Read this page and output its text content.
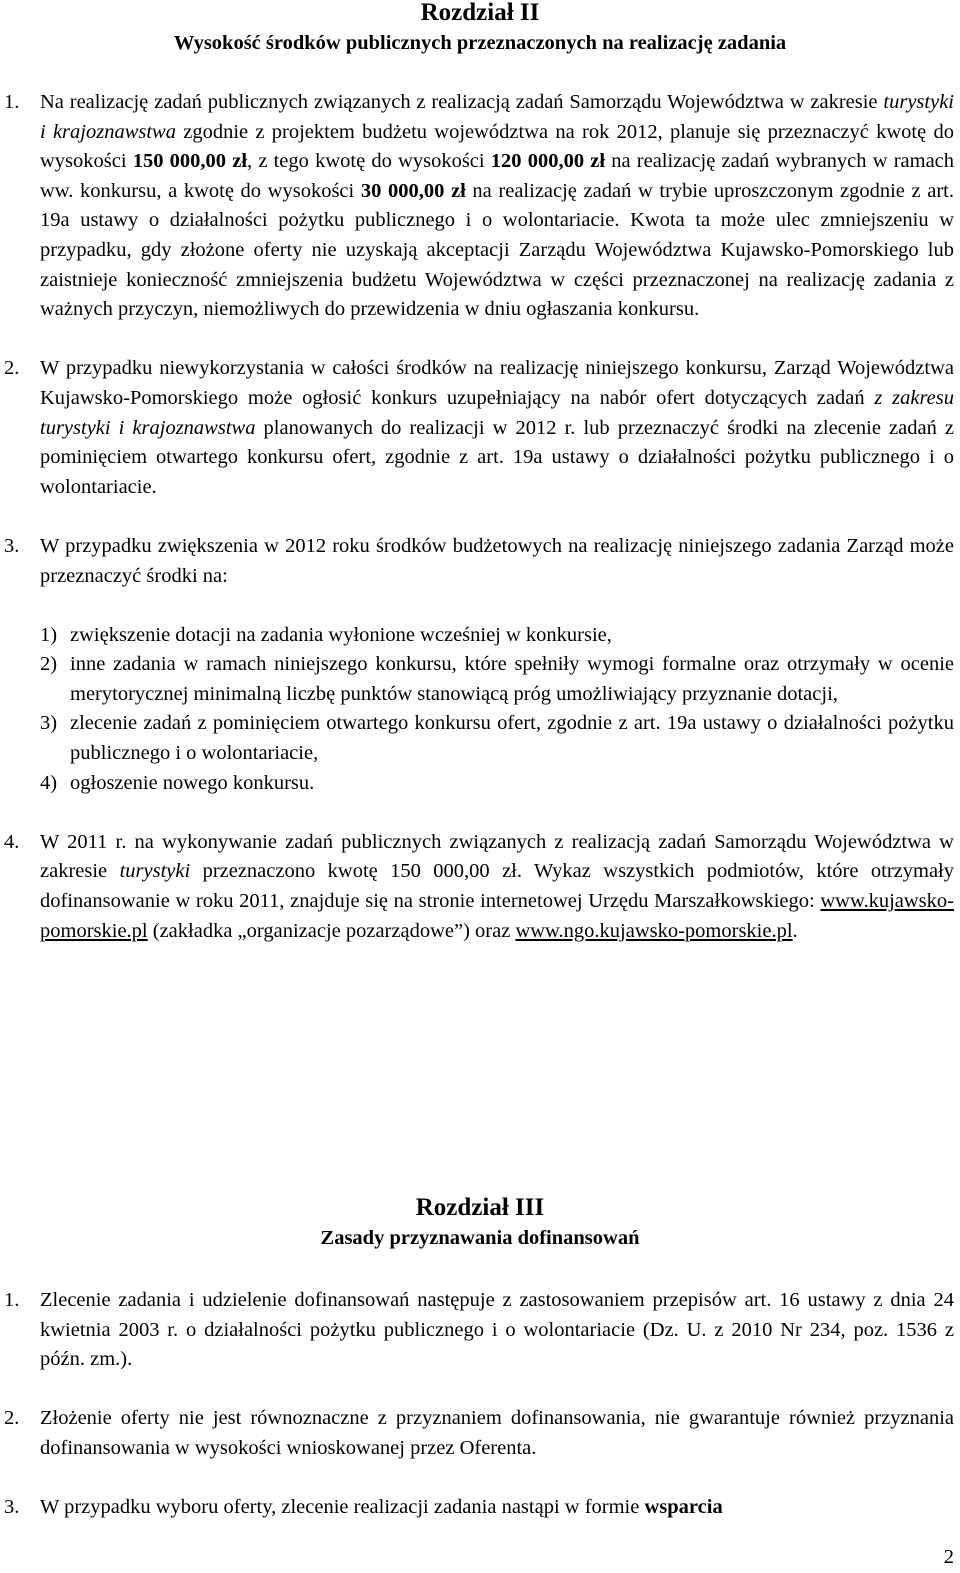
Rozdział II
Wysokość środków publicznych przeznaczonych na realizację zadania
1.	Na realizację zadań publicznych związanych z realizacją zadań Samorządu Województwa w zakresie turystyki i krajoznawstwa zgodnie z projektem budżetu województwa na rok 2012, planuje się przeznaczyć kwotę do wysokości 150 000,00 zł, z tego kwotę do wysokości 120 000,00 zł na realizację zadań wybranych w ramach ww. konkursu, a kwotę do wysokości 30 000,00 zł na realizację zadań w trybie uproszczonym zgodnie z art. 19a ustawy o działalności pożytku publicznego i o wolontariacie. Kwota ta może ulec zmniejszeniu w przypadku, gdy złożone oferty nie uzyskają akceptacji Zarządu Województwa Kujawsko-Pomorskiego lub zaistnieje konieczność zmniejszenia budżetu Województwa w części przeznaczonej na realizację zadania z ważnych przyczyn, niemożliwych do przewidzenia w dniu ogłaszania konkursu.
2.	W przypadku niewykorzystania w całości środków na realizację niniejszego konkursu, Zarząd Województwa Kujawsko-Pomorskiego może ogłosić konkurs uzupełniający na nabór ofert dotyczących zadań z zakresu turystyki i krajoznawstwa planowanych do realizacji w 2012 r. lub przeznaczyć środki na zlecenie zadań z pominięciem otwartego konkursu ofert, zgodnie z art. 19a ustawy o działalności pożytku publicznego i o wolontariacie.
3.	W przypadku zwiększenia w 2012 roku środków budżetowych na realizację niniejszego zadania Zarząd może przeznaczyć środki na:
1) zwiększenie dotacji na zadania wyłonione wcześniej w konkursie,
2) inne zadania w ramach niniejszego konkursu, które spełniły wymogi formalne oraz otrzymały w ocenie merytorycznej minimalną liczbę punktów stanowiącą próg umożliwiający przyznanie dotacji,
3) zlecenie zadań z pominięciem otwartego konkursu ofert, zgodnie z art. 19a ustawy o działalności pożytku publicznego i o wolontariacie,
4) ogłoszenie nowego konkursu.
4.	W 2011 r. na wykonywanie zadań publicznych związanych z realizacją zadań Samorządu Województwa w zakresie turystyki przeznaczono kwotę 150 000,00 zł. Wykaz wszystkich podmiotów, które otrzymały dofinansowanie w roku 2011, znajduje się na stronie internetowej Urzędu Marszałkowskiego: www.kujawsko-pomorskie.pl (zakładka „organizacje pozarządowe”) oraz www.ngo.kujawsko-pomorskie.pl.
Rozdział III
Zasady przyznawania dofinansowań
1.	Zlecenie zadania i udzielenie dofinansowań następuje z zastosowaniem przepisów art. 16 ustawy z dnia 24 kwietnia 2003 r. o działalności pożytku publicznego i o wolontariacie (Dz. U. z 2010 Nr 234, poz. 1536 z późn. zm.).
2.	Złożenie oferty nie jest równoznaczne z przyznaniem dofinansowania, nie gwarantuje również przyznania dofinansowania w wysokości wnioskowanej przez Oferenta.
3.	W przypadku wyboru oferty, zlecenie realizacji zadania nastąpi w formie wsparcia
2
